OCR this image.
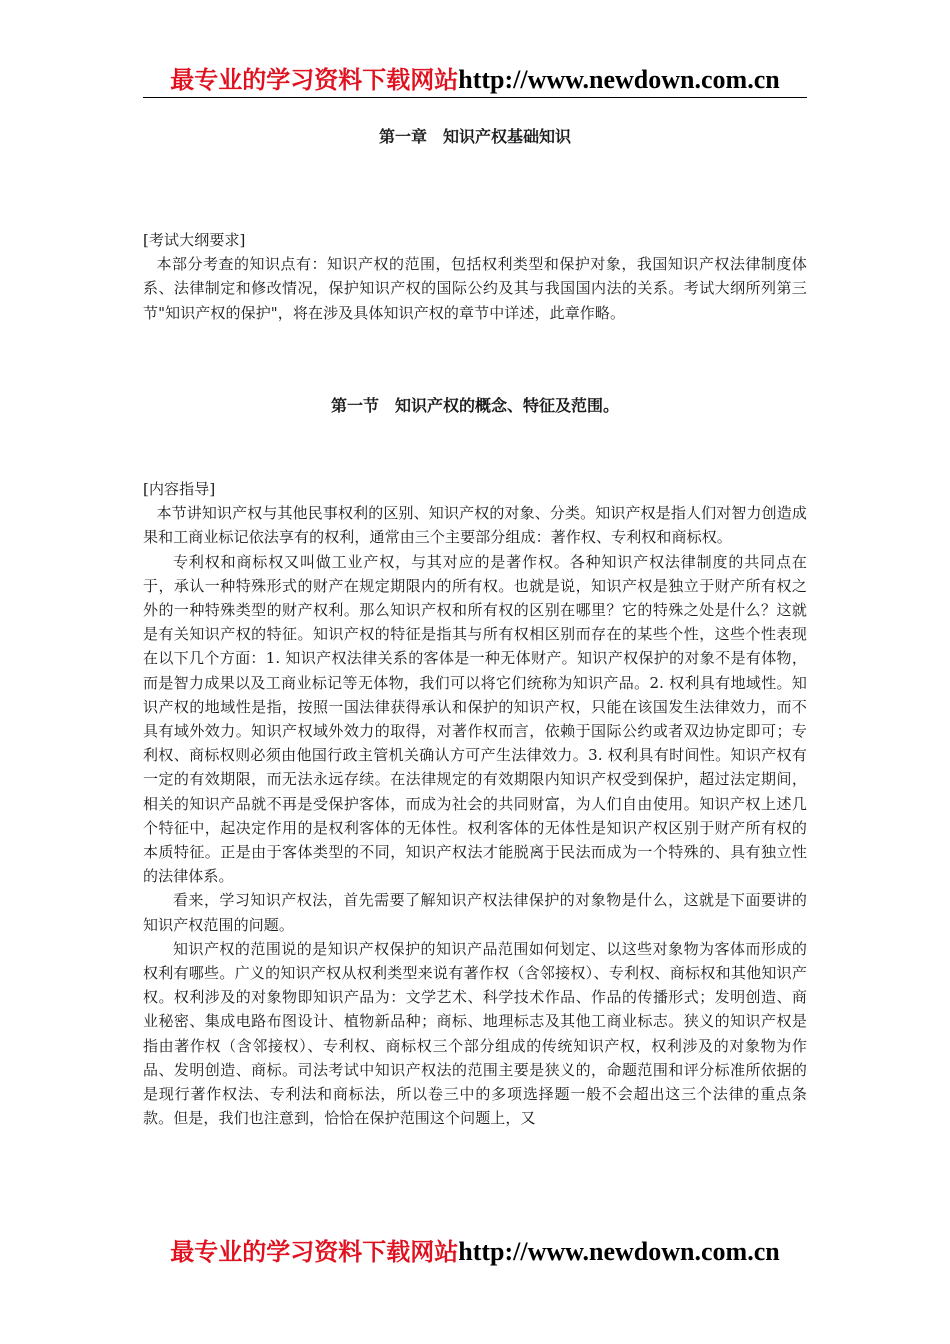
最专业的学习资料下载网站http://www.newdown.com.cn
第一章　知识产权基础知识

[考试大纲要求]

本部分考查的知识点有：知识产权的范围，包括权利类型和保护对象，我国知识产权法律制度体系、法律制定和修改情况，保护知识产权的国际公约及其与我国国内法的关系。考试大纲所列第三节"知识产权的保护"，将在涉及具体知识产权的章节中详述，此章作略。

第一节　知识产权的概念、特征及范围。

[内容指导]

本节讲知识产权与其他民事权利的区别、知识产权的对象、分类。知识产权是指人们对智力创造成果和工商业标记依法享有的权利，通常由三个主要部分组成：著作权、专利权和商标权。

专利权和商标权又叫做工业产权，与其对应的是著作权。各种知识产权法律制度的共同点在于，承认一种特殊形式的财产在规定期限内的所有权。也就是说，知识产权是独立于财产所有权之外的一种特殊类型的财产权利。那么知识产权和所有权的区别在哪里？它的特殊之处是什么？这就是有关知识产权的特征。知识产权的特征是指其与所有权相区别而存在的某些个性，这些个性表现在以下几个方面：1. 知识产权法律关系的客体是一种无体财产。知识产权保护的对象不是有体物，而是智力成果以及工商业标记等无体物，我们可以将它们统称为知识产品。2. 权利具有地域性。知识产权的地域性是指，按照一国法律获得承认和保护的知识产权，只能在该国发生法律效力，而不具有域外效力。知识产权域外效力的取得，对著作权而言，依赖于国际公约或者双边协定即可；专利权、商标权则必须由他国行政主管机关确认方可产生法律效力。3. 权利具有时间性。知识产权有一定的有效期限，而无法永远存续。在法律规定的有效期限内知识产权受到保护，超过法定期间，相关的知识产品就不再是受保护客体，而成为社会的共同财富，为人们自由使用。知识产权上述几个特征中，起决定作用的是权利客体的无体性。权利客体的无体性是知识产权区别于财产所有权的本质特征。正是由于客体类型的不同，知识产权法才能脱离于民法而成为一个特殊的、具有独立性的法律体系。

看来，学习知识产权法，首先需要了解知识产权法律保护的对象物是什么，这就是下面要讲的知识产权范围的问题。

知识产权的范围说的是知识产权保护的知识产品范围如何划定、以这些对象物为客体而形成的权利有哪些。广义的知识产权从权利类型来说有著作权（含邻接权）、专利权、商标权和其他知识产权。权利涉及的对象物即知识产品为：文学艺术、科学技术作品、作品的传播形式；发明创造、商业秘密、集成电路布图设计、植物新品种；商标、地理标志及其他工商业标志。狭义的知识产权是指由著作权（含邻接权）、专利权、商标权三个部分组成的传统知识产权，权利涉及的对象物为作品、发明创造、商标。司法考试中知识产权法的范围主要是狭义的，命题范围和评分标准所依据的是现行著作权法、专利法和商标法，所以卷三中的多项选择题一般不会超出这三个法律的重点条款。但是，我们也注意到，恰恰在保护范围这个问题上，又

最专业的学习资料下载网站http://www.newdown.com.cn
